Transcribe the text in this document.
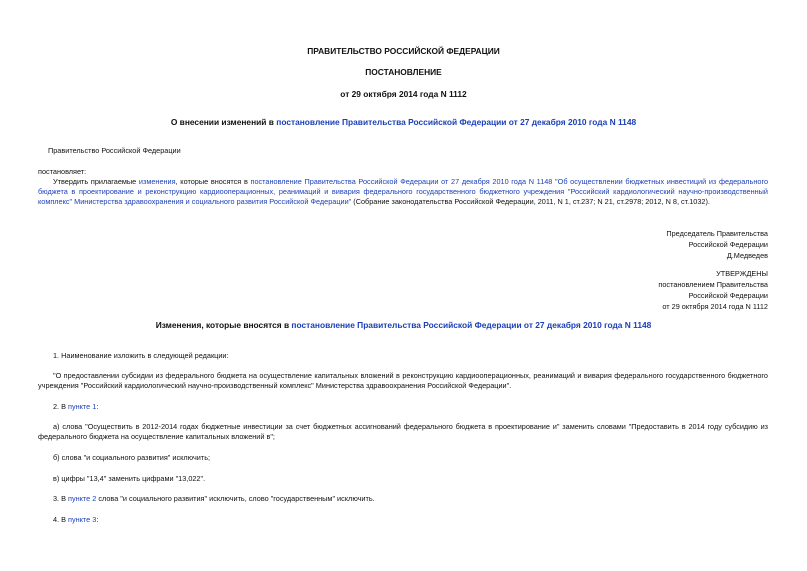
ПРАВИТЕЛЬСТВО РОССИЙСКОЙ ФЕДЕРАЦИИ
ПОСТАНОВЛЕНИЕ
от 29 октября 2014 года N 1112
О внесении изменений в постановление Правительства Российской Федерации от 27 декабря 2010 года N 1148
Правительство Российской Федерации
постановляет:
Утвердить прилагаемые изменения, которые вносятся в постановление Правительства Российской Федерации от 27 декабря 2010 года N 1148 "Об осуществлении бюджетных инвестиций из федерального бюджета в проектирование и реконструкцию кардиооперационных, реанимаций и вивария федерального государственного бюджетного учреждения "Российский кардиологический научно-производственный комплекс" Министерства здравоохранения и социального развития Российской Федерации" (Собрание законодательства Российской Федерации, 2011, N 1, ст.237; N 21, ст.2978; 2012, N 8, ст.1032).
Председатель Правительства
Российской Федерации
Д.Медведев
УТВЕРЖДЕНЫ
постановлением Правительства
Российской Федерации
от 29 октября 2014 года N 1112
Изменения, которые вносятся в постановление Правительства Российской Федерации от 27 декабря 2010 года N 1148
1. Наименование изложить в следующей редакции:
"О предоставлении субсидии из федерального бюджета на осуществление капитальных вложений в реконструкцию кардиооперационных, реанимаций и вивария федерального государственного бюджетного учреждения "Российский кардиологический научно-производственный комплекс" Министерства здравоохранения Российской Федерации".
2. В пункте 1:
а) слова "Осуществить в 2012-2014 годах бюджетные инвестиции за счет бюджетных ассигнований федерального бюджета в проектирование и" заменить словами "Предоставить в 2014 году субсидию из федерального бюджета на осуществление капитальных вложений в";
б) слова "и социального развития" исключить;
в) цифры "13,4" заменить цифрами "13,022".
3. В пункте 2 слова "и социального развития" исключить, слово "государственным" исключить.
4. В пункте 3:
